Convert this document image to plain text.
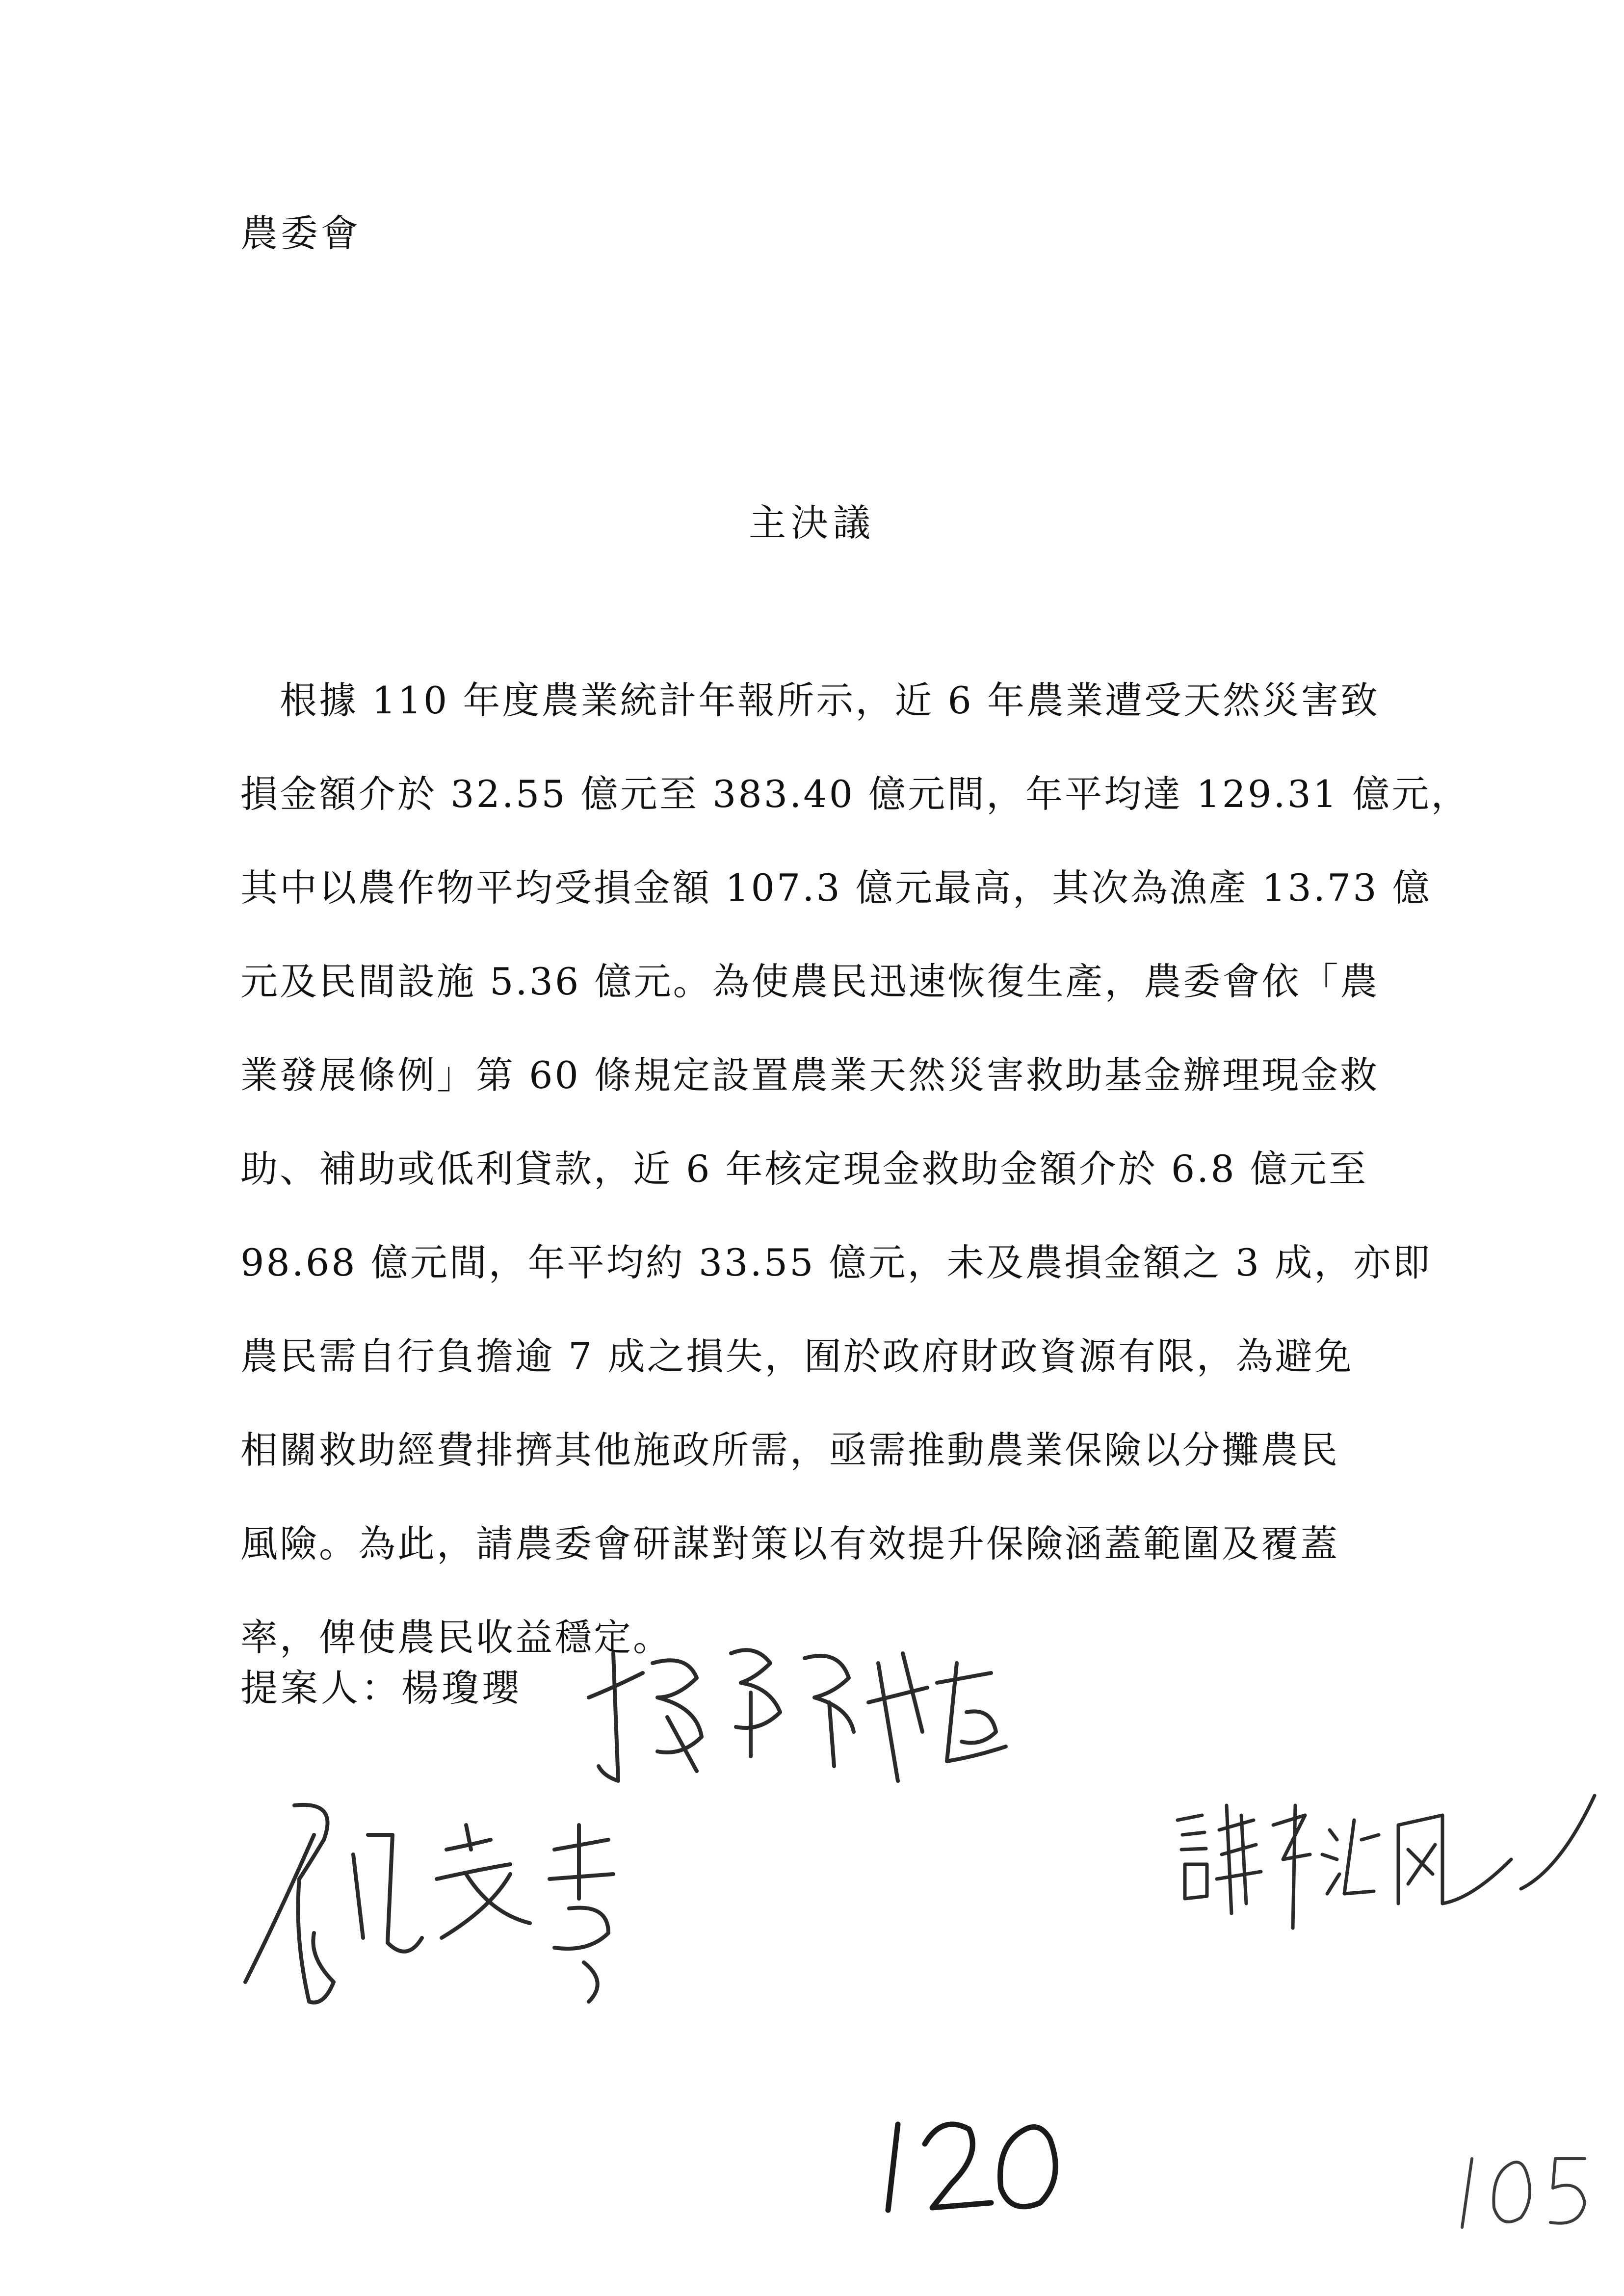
農委會
主決議
根據 110 年度農業統計年報所示，近 6 年農業遭受天然災害致
損金額介於 32.55 億元至 383.40 億元間，年平均達 129.31 億元，
其中以農作物平均受損金額 107.3 億元最高，其次為漁產 13.73 億
元及民間設施 5.36 億元。為使農民迅速恢復生產，農委會依「農
業發展條例」第 60 條規定設置農業天然災害救助基金辦理現金救
助、補助或低利貸款，近 6 年核定現金救助金額介於 6.8 億元至
98.68 億元間，年平均約 33.55 億元，未及農損金額之 3 成，亦即
農民需自行負擔逾 7 成之損失，囿於政府財政資源有限，為避免
相關救助經費排擠其他施政所需，亟需推動農業保險以分攤農民
風險。為此，請農委會研謀對策以有效提升保險涵蓋範圍及覆蓋
率，俾使農民收益穩定。
提案人：楊瓊瓔
